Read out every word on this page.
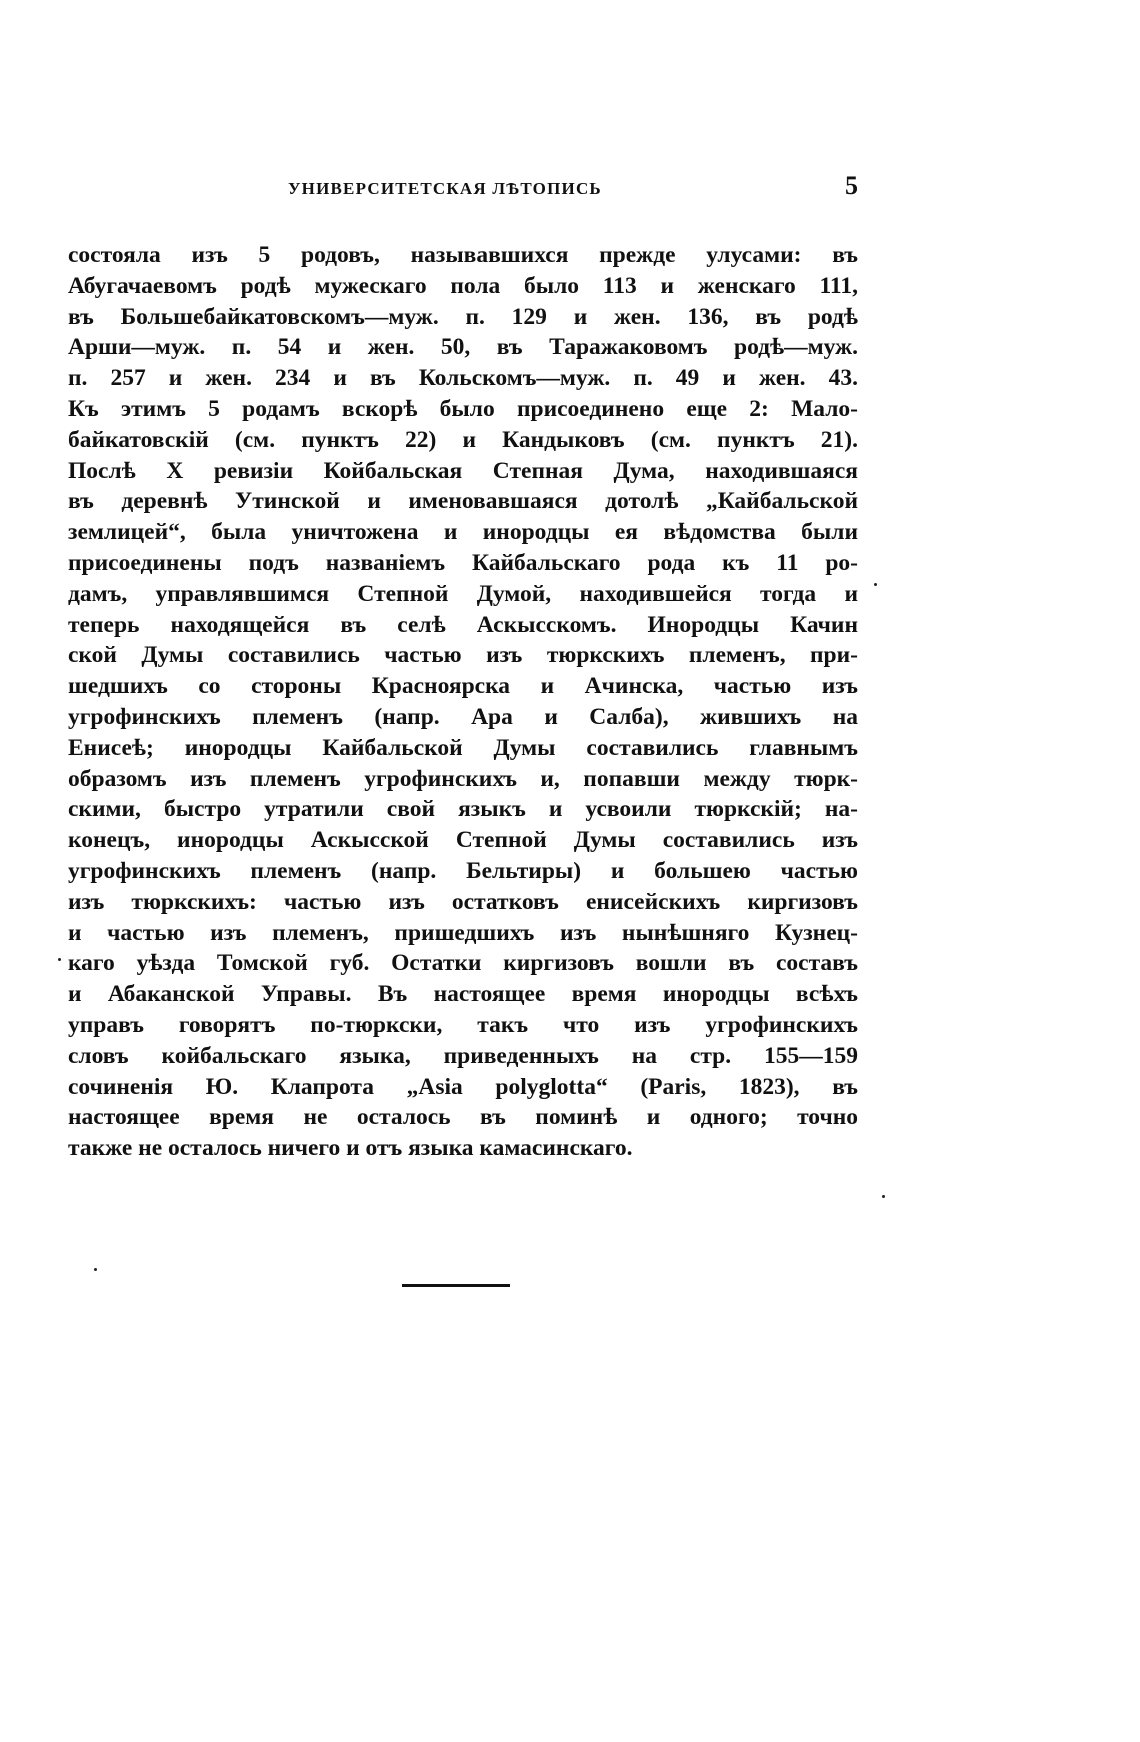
УНИВЕРСИТЕТСКАЯ ЛѢТОПИСЬ	5
состояла изъ 5 родовъ, называвшихся прежде улусами: въ
Абугачаевомъ родѣ мужескаго пола было 113 и женскаго 111,
въ Большебайкатовскомъ—муж. п. 129 и жен. 136, въ родѣ
Арши—муж. п. 54 и жен. 50, въ Таражаковомъ родѣ—муж.
п. 257 и жен. 234 и въ Кольскомъ—муж. п. 49 и жен. 43.
Къ этимъ 5 родамъ вскорѣ было присоединено еще 2: Мало-
байкатовскій (см. пунктъ 22) и Кандыковъ (см. пунктъ 21).
Послѣ X ревизіи Койбальская Степная Дума, находившаяся
въ деревнѣ Утинской и именовавшаяся дотолѣ „Кайбальской
землицей“, была уничтожена и инородцы ея вѣдомства были
присоединены подъ названіемъ Кайбальскаго рода къ 11 ро-
дамъ, управлявшимся Степной Думой, находившейся тогда и
теперь находящейся въ селѣ Аскысскомъ. Инородцы Качин
ской Думы составились частью изъ тюркскихъ племенъ, при-
шедшихъ со стороны Красноярска и Ачинска, частью изъ
угрофинскихъ племенъ (напр. Ара и Салба), жившихъ на
Енисеѣ; инородцы Кайбальской Думы составились главнымъ
образомъ изъ племенъ угрофинскихъ и, попавши между тюрк-
скими, быстро утратили свой языкъ и усвоили тюркскій; на-
конецъ, инородцы Аскысской Степной Думы составились изъ
угрофинскихъ племенъ (напр. Бельтиры) и большею частью
изъ тюркскихъ: частью изъ остатковъ енисейскихъ киргизовъ
и частью изъ племенъ, пришедшихъ изъ нынѣшняго Кузнец-
каго уѣзда Томской губ. Остатки киргизовъ вошли въ составъ
и Абаканской Управы. Въ настоящее время инородцы всѣхъ
управъ говорятъ по-тюркски, такъ что изъ угрофинскихъ
словъ койбальскаго языка, приведенныхъ на стр. 155—159
сочиненія Ю. Клапрота „Asia polyglotta“ (Paris, 1823), въ
настоящее время не осталось въ поминѣ и одного; точно
также не осталось ничего и отъ языка камасинскаго.
